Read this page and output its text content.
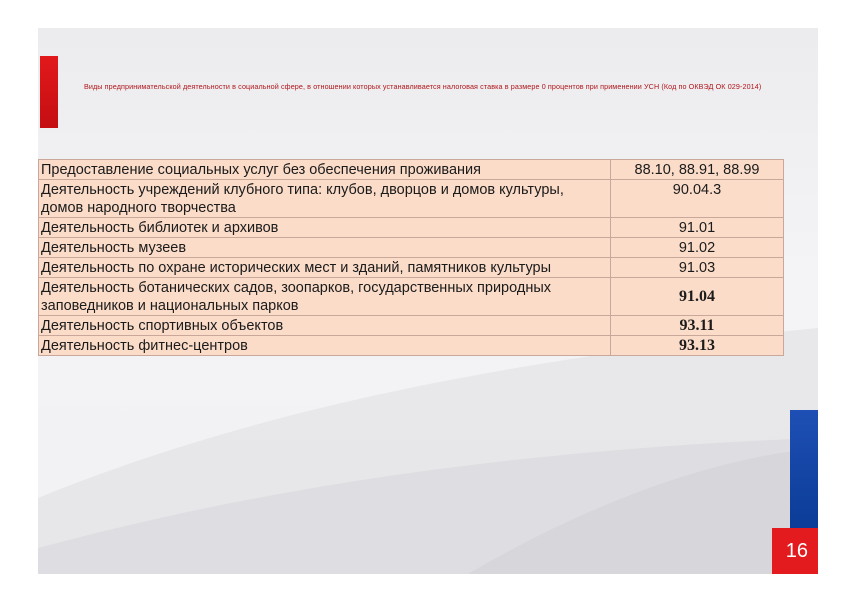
Виды предпринимательской деятельности в социальной сфере, в отношении которых устанавливается налоговая ставка в размере 0 процентов при применении УСН (Код по ОКВЭД ОК 029-2014)
Предоставление социальных услуг без обеспечения проживания	88.10, 88.91, 88.99
Деятельность учреждений клубного типа: клубов, дворцов и домов культуры, домов народного творчества	90.04.3
Деятельность библиотек и архивов	91.01
Деятельность музеев	91.02
Деятельность по охране исторических мест и зданий, памятников культуры	91.03
Деятельность ботанических садов, зоопарков, государственных природных заповедников и национальных парков	91.04
Деятельность спортивных объектов	93.11
Деятельность фитнес-центров	93.13
16
